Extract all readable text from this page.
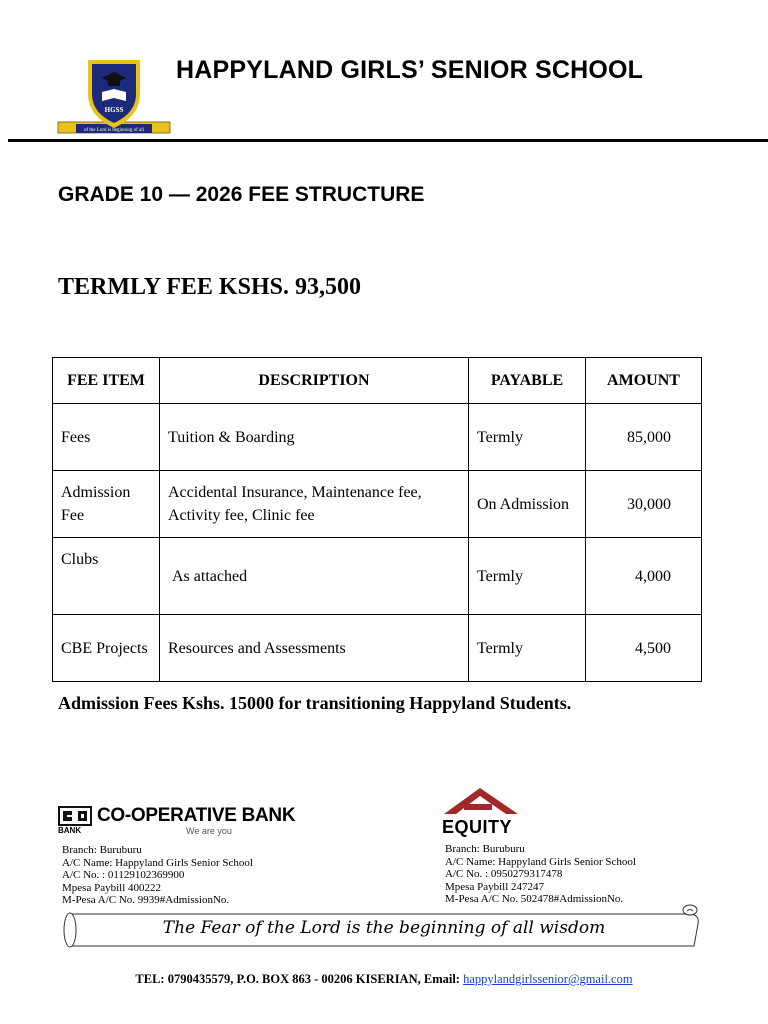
of the Lord is beginning of all
HGSS
HAPPYLAND GIRLS’ SENIOR SCHOOL
GRADE 10 — 2026 FEE STRUCTURE
TERMLY FEE KSHS. 93,500
FEE ITEM	DESCRIPTION	PAYABLE	AMOUNT
Fees	Tuition & Boarding	Termly	85,000
Admission Fee	Accidental Insurance, Maintenance fee, Activity fee, Clinic fee	On Admission	30,000
Clubs	As attached	Termly	4,000
CBE Projects	Resources and Assessments	Termly	4,500
Admission Fees Kshs. 15000 for transitioning Happyland Students.
BANK
CO-OPERATIVE BANK
We are you	EQUITY
Branch: Buruburu
A/C Name: Happyland Girls Senior School
A/C No. : 01129102369900
Mpesa Paybill 400222
M-Pesa A/C No. 9939#AdmissionNo.
Branch: Buruburu
A/C Name: Happyland Girls Senior School
A/C No. : 0950279317478
Mpesa Paybill 247247
M-Pesa A/C No. 502478#AdmissionNo.
The Fear of the Lord is the beginning of all wisdom
TEL: 0790435579, P.O. BOX 863 - 00206 KISERIAN, Email: happylandgirlssenior@gmail.com
